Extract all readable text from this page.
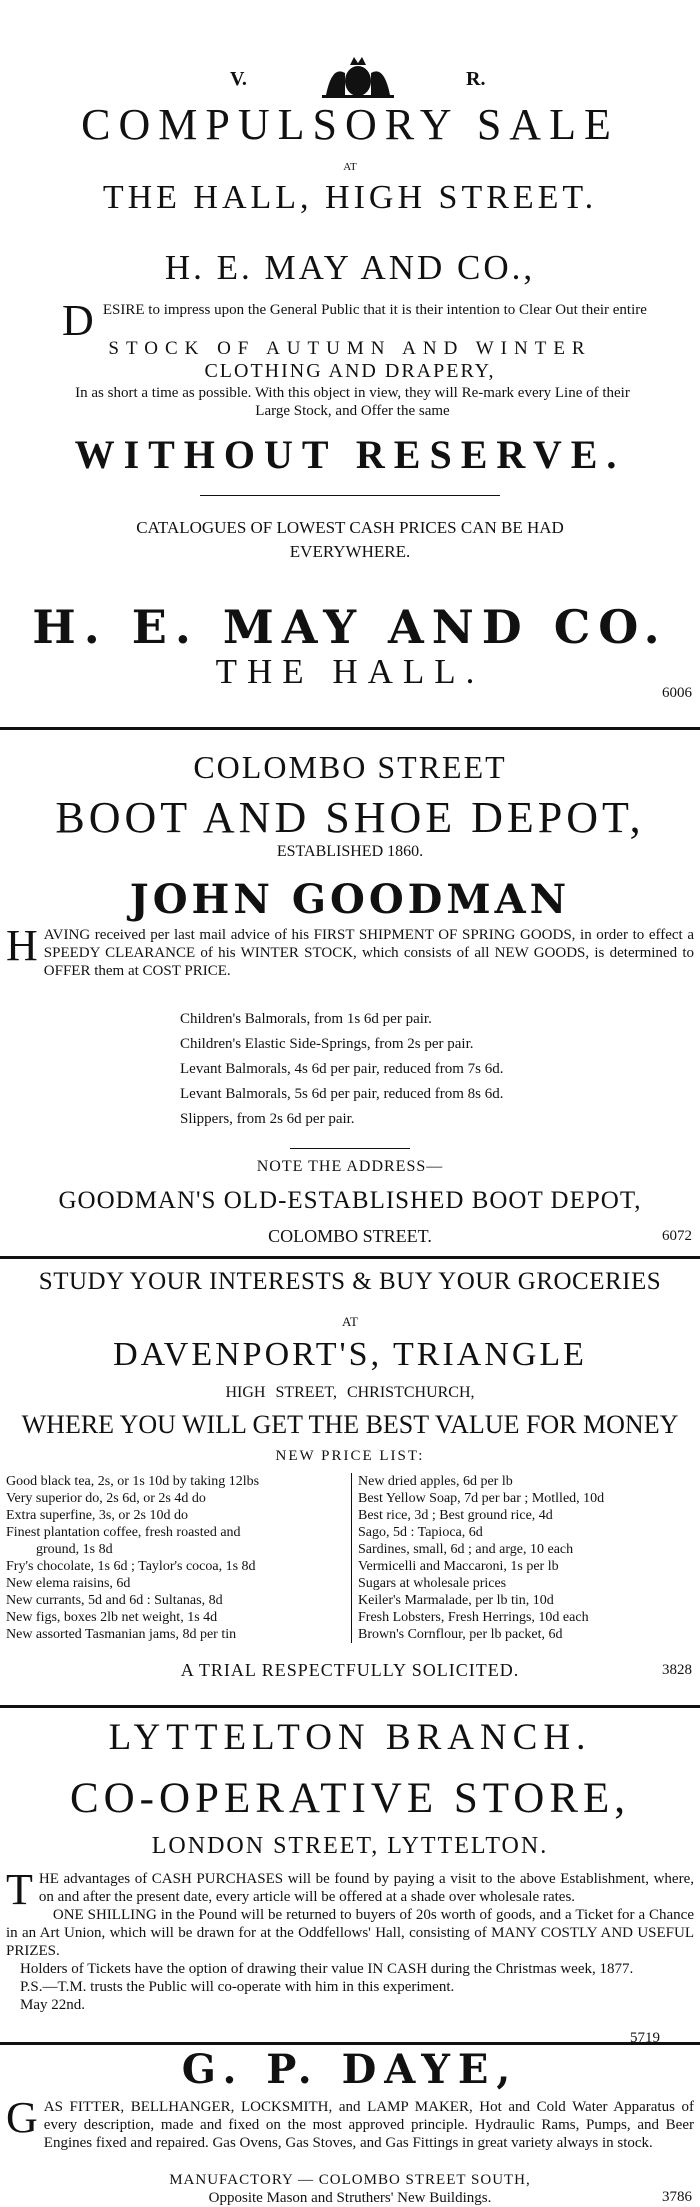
V.	R.
COMPULSORY SALE
AT
THE HALL, HIGH STREET.
H. E. MAY AND CO.,
D ESIRE to impress upon the General Public that it is their intention to Clear Out their entire
STOCK OF AUTUMN AND WINTER
CLOTHING AND DRAPERY,
In as short a time as possible. With this object in view, they will Re-mark every Line of their Large Stock, and Offer the same
WITHOUT RESERVE.
CATALOGUES OF LOWEST CASH PRICES CAN BE HAD EVERYWHERE.
H. E. MAY AND CO.
THE HALL.
6006
COLOMBO STREET
BOOT AND SHOE DEPOT,
ESTABLISHED 1860.
JOHN GOODMAN
H AVING received per last mail advice of his FIRST SHIPMENT OF SPRING GOODS, in order to effect a SPEEDY CLEARANCE of his WINTER STOCK, which consists of all NEW GOODS, is determined to OFFER them at COST PRICE.
Children's Balmorals, from 1s 6d per pair.
Children's Elastic Side-Springs, from 2s per pair.
Levant Balmorals, 4s 6d per pair, reduced from 7s 6d.
Levant Balmorals, 5s 6d per pair, reduced from 8s 6d.
Slippers, from 2s 6d per pair.
NOTE THE ADDRESS—
GOODMAN'S OLD-ESTABLISHED BOOT DEPOT,
COLOMBO STREET.	6072
STUDY YOUR INTERESTS & BUY YOUR GROCERIES
AT
DAVENPORT'S, TRIANGLE
HIGH STREET, CHRISTCHURCH,
WHERE YOU WILL GET THE BEST VALUE FOR MONEY
NEW PRICE LIST:
Good black tea, 2s, or 1s 10d by taking 12lbs
Very superior do, 2s 6d, or 2s 4d do
Extra superfine, 3s, or 2s 10d do
Finest plantation coffee, fresh roasted and
ground, 1s 8d
Fry's chocolate, 1s 6d ; Taylor's cocoa, 1s 8d
New elema raisins, 6d
New currants, 5d and 6d : Sultanas, 8d
New figs, boxes 2lb net weight, 1s 4d
New assorted Tasmanian jams, 8d per tin
New dried apples, 6d per lb
Best Yellow Soap, 7d per bar ; Motlled, 10d
Best rice, 3d ; Best ground rice, 4d
Sago, 5d : Tapioca, 6d
Sardines, small, 6d ; and arge, 10 each
Vermicelli and Maccaroni, 1s per lb
Sugars at wholesale prices
Keiler's Marmalade, per lb tin, 10d
Fresh Lobsters, Fresh Herrings, 10d each
Brown's Cornflour, per lb packet, 6d
A TRIAL RESPECTFULLY SOLICITED.	3828
LYTTELTON BRANCH.
CO-OPERATIVE STORE,
LONDON STREET, LYTTELTON.
T HE advantages of CASH PURCHASES will be found by paying a visit to the above Establishment, where, on and after the present date, every article will be offered at a shade over wholesale rates.
ONE SHILLING in the Pound will be returned to buyers of 20s worth of goods, and a Ticket for a Chance in an Art Union, which will be drawn for at the Oddfellows' Hall, consisting of MANY COSTLY AND USEFUL PRIZES.
Holders of Tickets have the option of drawing their value IN CASH during the Christmas week, 1877.
P.S.—T.M. trusts the Public will co-operate with him in this experiment.
May 22nd.
5719
G. P. DAYE,
G AS FITTER, BELLHANGER, LOCKSMITH, and LAMP MAKER, Hot and Cold Water Apparatus of every description, made and fixed on the most approved principle. Hydraulic Rams, Pumps, and Beer Engines fixed and repaired. Gas Ovens, Gas Stoves, and Gas Fittings in great variety always in stock.
MANUFACTORY — COLOMBO STREET SOUTH,
Opposite Mason and Struthers' New Buildings.	3786
